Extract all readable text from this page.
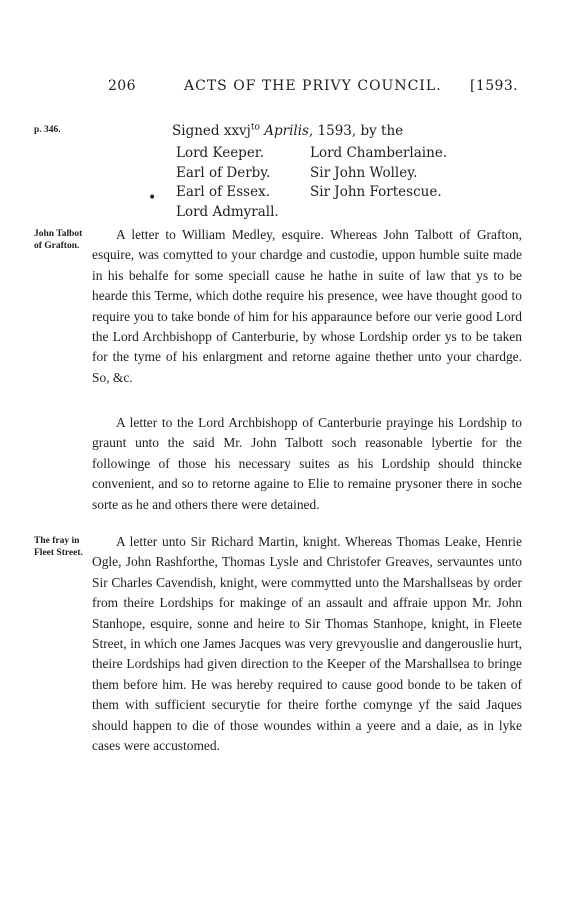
206	ACTS OF THE PRIVY COUNCIL. [1593.
p. 346.
John Talbot
of Grafton.
The fray in
Fleet Street.
Signed xxvj$^{to}$ Aprilis, 1593, by the
Lord Keeper.
Earl of Derby.
Earl of Essex.
Lord Admyrall.
•
Lord Chamberlaine.
Sir John Wolley.
Sir John Fortescue.

A letter to William Medley, esquire. Whereas John Talbott of Grafton, esquire, was comytted to your chardge and custodie, uppon humble suite made in his behalfe for some speciall cause he hathe in suite of law that ys to be hearde this Terme, which dothe require his presence, wee have thought good to require you to take bonde of him for his apparaunce before our verie good Lord the Lord Archbishopp of Canterburie, by whose Lordship order ys to be taken for the tyme of his enlargment and retorne againe thether unto your chardge. So, &c.

A letter to the Lord Archbishopp of Canterburie prayinge his Lordship to graunt unto the said Mr. John Talbott soch reasonable lybertie for the followinge of those his necessary suites as his Lordship should thincke convenient, and so to retorne againe to Elie to remaine prysoner there in soche sorte as he and others there were detained.

A letter unto Sir Richard Martin, knight. Whereas Thomas Leake, Henrie Ogle, John Rashforthe, Thomas Lysle and Christofer Greaves, servauntes unto Sir Charles Cavendish, knight, were commytted unto the Marshallseas by order from theire Lordships for makinge of an assault and affraie uppon Mr. John Stanhope, esquire, sonne and heire to Sir Thomas Stanhope, knight, in Fleete Street, in which one James Jacques was very grevyouslie and dangerouslie hurt, theire Lordships had given direction to the Keeper of the Marshallsea to bringe them before him. He was hereby required to cause good bonde to be taken of them with sufficient securytie for theire forthe comynge yf the said Jaques should happen to die of those woundes within a yeere and a daie, as in lyke cases were accustomed.
